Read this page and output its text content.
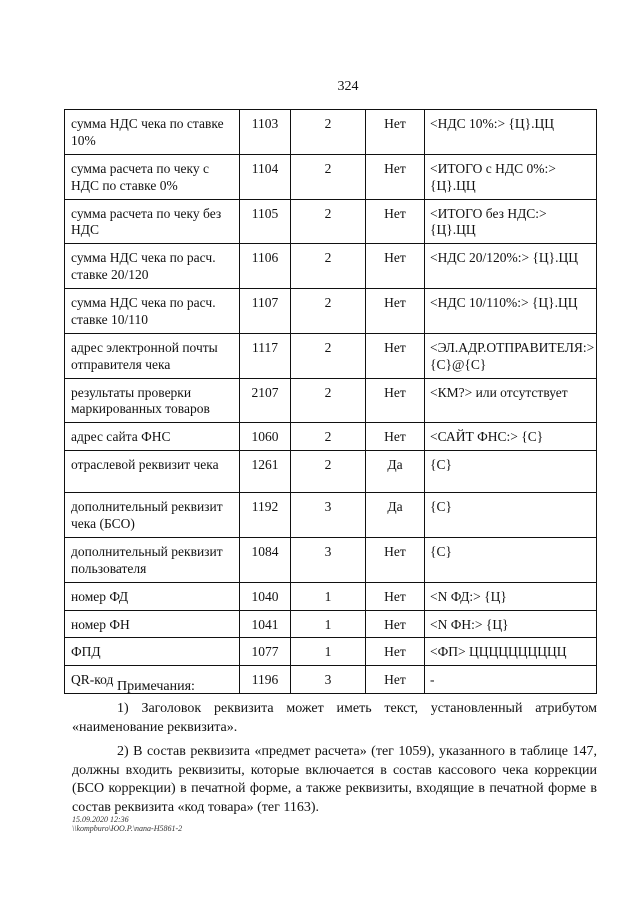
324
сумма НДС чека по ставке 10%	1103	2	Нет	<НДС 10%:> {Ц}.ЦЦ
сумма расчета по чеку с НДС по ставке 0%	1104	2	Нет	<ИТОГО с НДС 0%:> {Ц}.ЦЦ
сумма расчета по чеку без НДС	1105	2	Нет	<ИТОГО без НДС:> {Ц}.ЦЦ
сумма НДС чека по расч. ставке 20/120	1106	2	Нет	<НДС 20/120%:> {Ц}.ЦЦ
сумма НДС чека по расч. ставке 10/110	1107	2	Нет	<НДС 10/110%:> {Ц}.ЦЦ
адрес электронной почты отправителя чека	1117	2	Нет	<ЭЛ.АДР.ОТПРАВИТЕЛЯ:> {C}@{C}
результаты проверки маркированных товаров	2107	2	Нет	<КМ?> или отсутствует
адрес сайта ФНС	1060	2	Нет	<САЙТ ФНС:> {C}
отраслевой реквизит чека	1261	2	Да	{C}
дополнительный реквизит чека (БСО)	1192	3	Да	{C}
дополнительный реквизит пользователя	1084	3	Нет	{C}
номер ФД	1040	1	Нет	<N ФД:> {Ц}
номер ФН	1041	1	Нет	<N ФН:> {Ц}
ФПД	1077	1	Нет	<ФП> ЦЦЦЦЦЦЦЦЦЦ
QR-код	1196	3	Нет	-

Примечания:

1) Заголовок реквизита может иметь текст, установленный атрибутом «наименование реквизита».

2) В состав реквизита «предмет расчета» (тег 1059), указанного в таблице 147, должны входить реквизиты, которые включается в состав кассового чека коррекции (БСО коррекции) в печатной форме, а также реквизиты, входящие в печатной форме в состав реквизита «код товара» (тег 1163).

15.09.2020 12:36
\\kompburo\ЮО.Р.\nana-H5861-2
